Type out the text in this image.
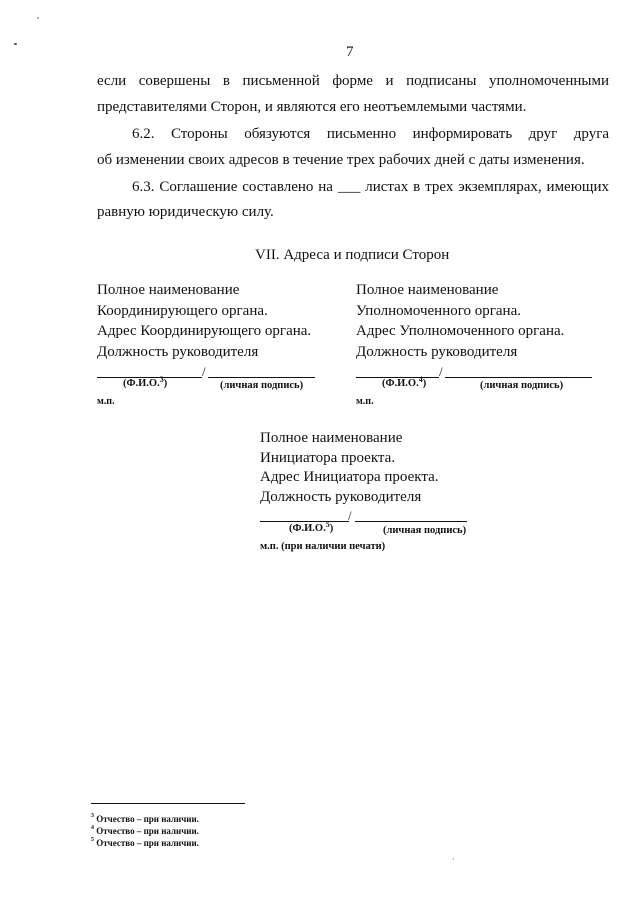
7
если совершены в письменной форме и подписаны уполномоченными
представителями Сторон, и являются его неотъемлемыми частями.
6.2. Стороны обязуются письменно информировать друг друга
об изменении своих адресов в течение трех рабочих дней с даты изменения.
6.3. Соглашение составлено на ___ листах в трех экземплярах, имеющих
равную юридическую силу.
VII. Адреса и подписи Сторон
Полное наименование
Координирующего органа.
Адрес Координирующего органа.
Должность руководителя
/
(Ф.И.О.$^3$)	(личная подпись)
м.п.
Полное наименование
Уполномоченного органа.
Адрес Уполномоченного органа.
Должность руководителя
/
(Ф.И.О.$^4$)	(личная подпись)
м.п.
Полное наименование
Инициатора проекта.
Адрес Инициатора проекта.
Должность руководителя
/
(Ф.И.О.$^5$)	(личная подпись)
м.п. (при наличии печати)
$^3$ Отчество – при наличии.
$^4$ Отчество – при наличии.
$^5$ Отчество – при наличии.
